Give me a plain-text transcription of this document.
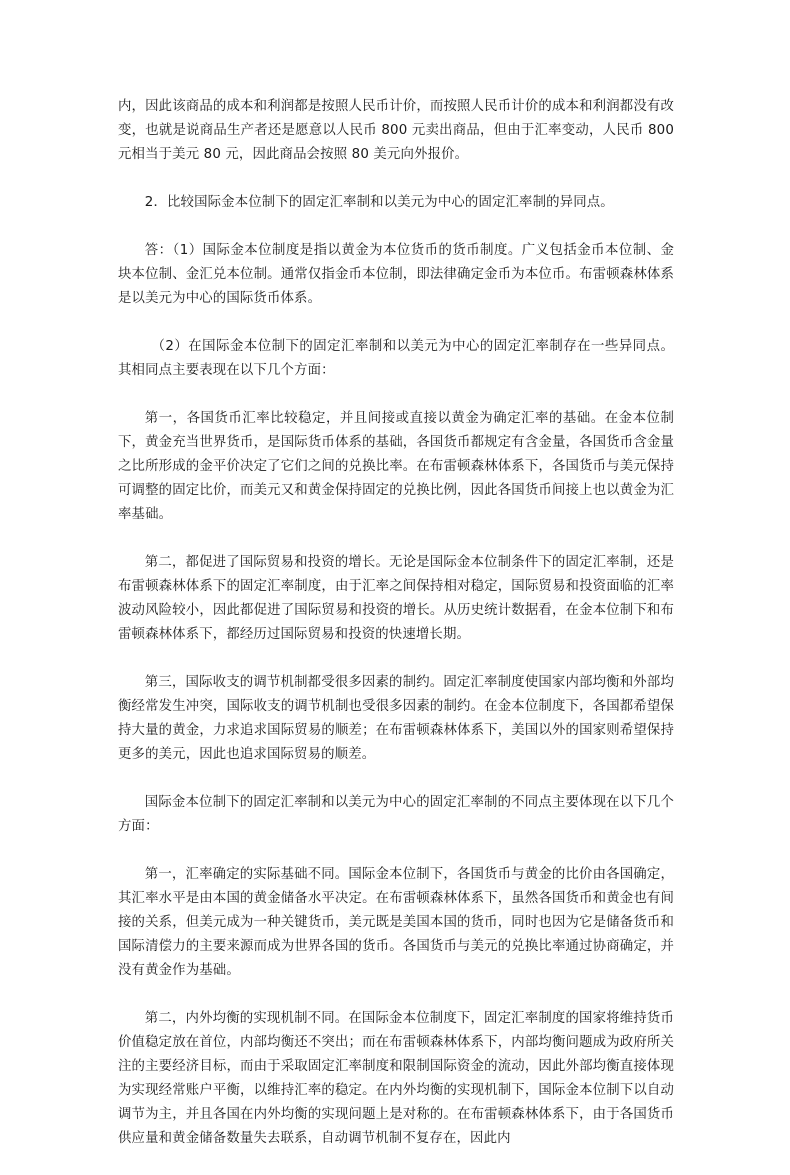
内，因此该商品的成本和利润都是按照人民币计价，而按照人民币计价的成本和利润都没有改变，也就是说商品生产者还是愿意以人民币 800 元卖出商品，但由于汇率变动，人民币 800 元相当于美元 80 元，因此商品会按照 80 美元向外报价。

2．比较国际金本位制下的固定汇率制和以美元为中心的固定汇率制的异同点。

答：（1）国际金本位制度是指以黄金为本位货币的货币制度。广义包括金币本位制、金块本位制、金汇兑本位制。通常仅指金币本位制，即法律确定金币为本位币。布雷顿森林体系是以美元为中心的国际货币体系。

（2）在国际金本位制下的固定汇率制和以美元为中心的固定汇率制存在一些异同点。其相同点主要表现在以下几个方面：

第一，各国货币汇率比较稳定，并且间接或直接以黄金为确定汇率的基础。在金本位制下，黄金充当世界货币，是国际货币体系的基础，各国货币都规定有含金量，各国货币含金量之比所形成的金平价决定了它们之间的兑换比率。在布雷顿森林体系下，各国货币与美元保持可调整的固定比价，而美元又和黄金保持固定的兑换比例，因此各国货币间接上也以黄金为汇率基础。

第二，都促进了国际贸易和投资的增长。无论是国际金本位制条件下的固定汇率制，还是布雷顿森林体系下的固定汇率制度，由于汇率之间保持相对稳定，国际贸易和投资面临的汇率波动风险较小，因此都促进了国际贸易和投资的增长。从历史统计数据看，在金本位制下和布雷顿森林体系下，都经历过国际贸易和投资的快速增长期。

第三，国际收支的调节机制都受很多因素的制约。固定汇率制度使国家内部均衡和外部均衡经常发生冲突，国际收支的调节机制也受很多因素的制约。在金本位制度下，各国都希望保持大量的黄金，力求追求国际贸易的顺差；在布雷顿森林体系下，美国以外的国家则希望保持更多的美元，因此也追求国际贸易的顺差。

国际金本位制下的固定汇率制和以美元为中心的固定汇率制的不同点主要体现在以下几个方面：

第一，汇率确定的实际基础不同。国际金本位制下，各国货币与黄金的比价由各国确定，其汇率水平是由本国的黄金储备水平决定。在布雷顿森林体系下，虽然各国货币和黄金也有间接的关系，但美元成为一种关键货币，美元既是美国本国的货币，同时也因为它是储备货币和国际清偿力的主要来源而成为世界各国的货币。各国货币与美元的兑换比率通过协商确定，并没有黄金作为基础。

第二，内外均衡的实现机制不同。在国际金本位制度下，固定汇率制度的国家将维持货币价值稳定放在首位，内部均衡还不突出；而在布雷顿森林体系下，内部均衡问题成为政府所关注的主要经济目标，而由于采取固定汇率制度和限制国际资金的流动，因此外部均衡直接体现为实现经常账户平衡，以维持汇率的稳定。在内外均衡的实现机制下，国际金本位制下以自动调节为主，并且各国在内外均衡的实现问题上是对称的。在布雷顿森林体系下，由于各国货币供应量和黄金储备数量失去联系，自动调节机制不复存在，因此内
